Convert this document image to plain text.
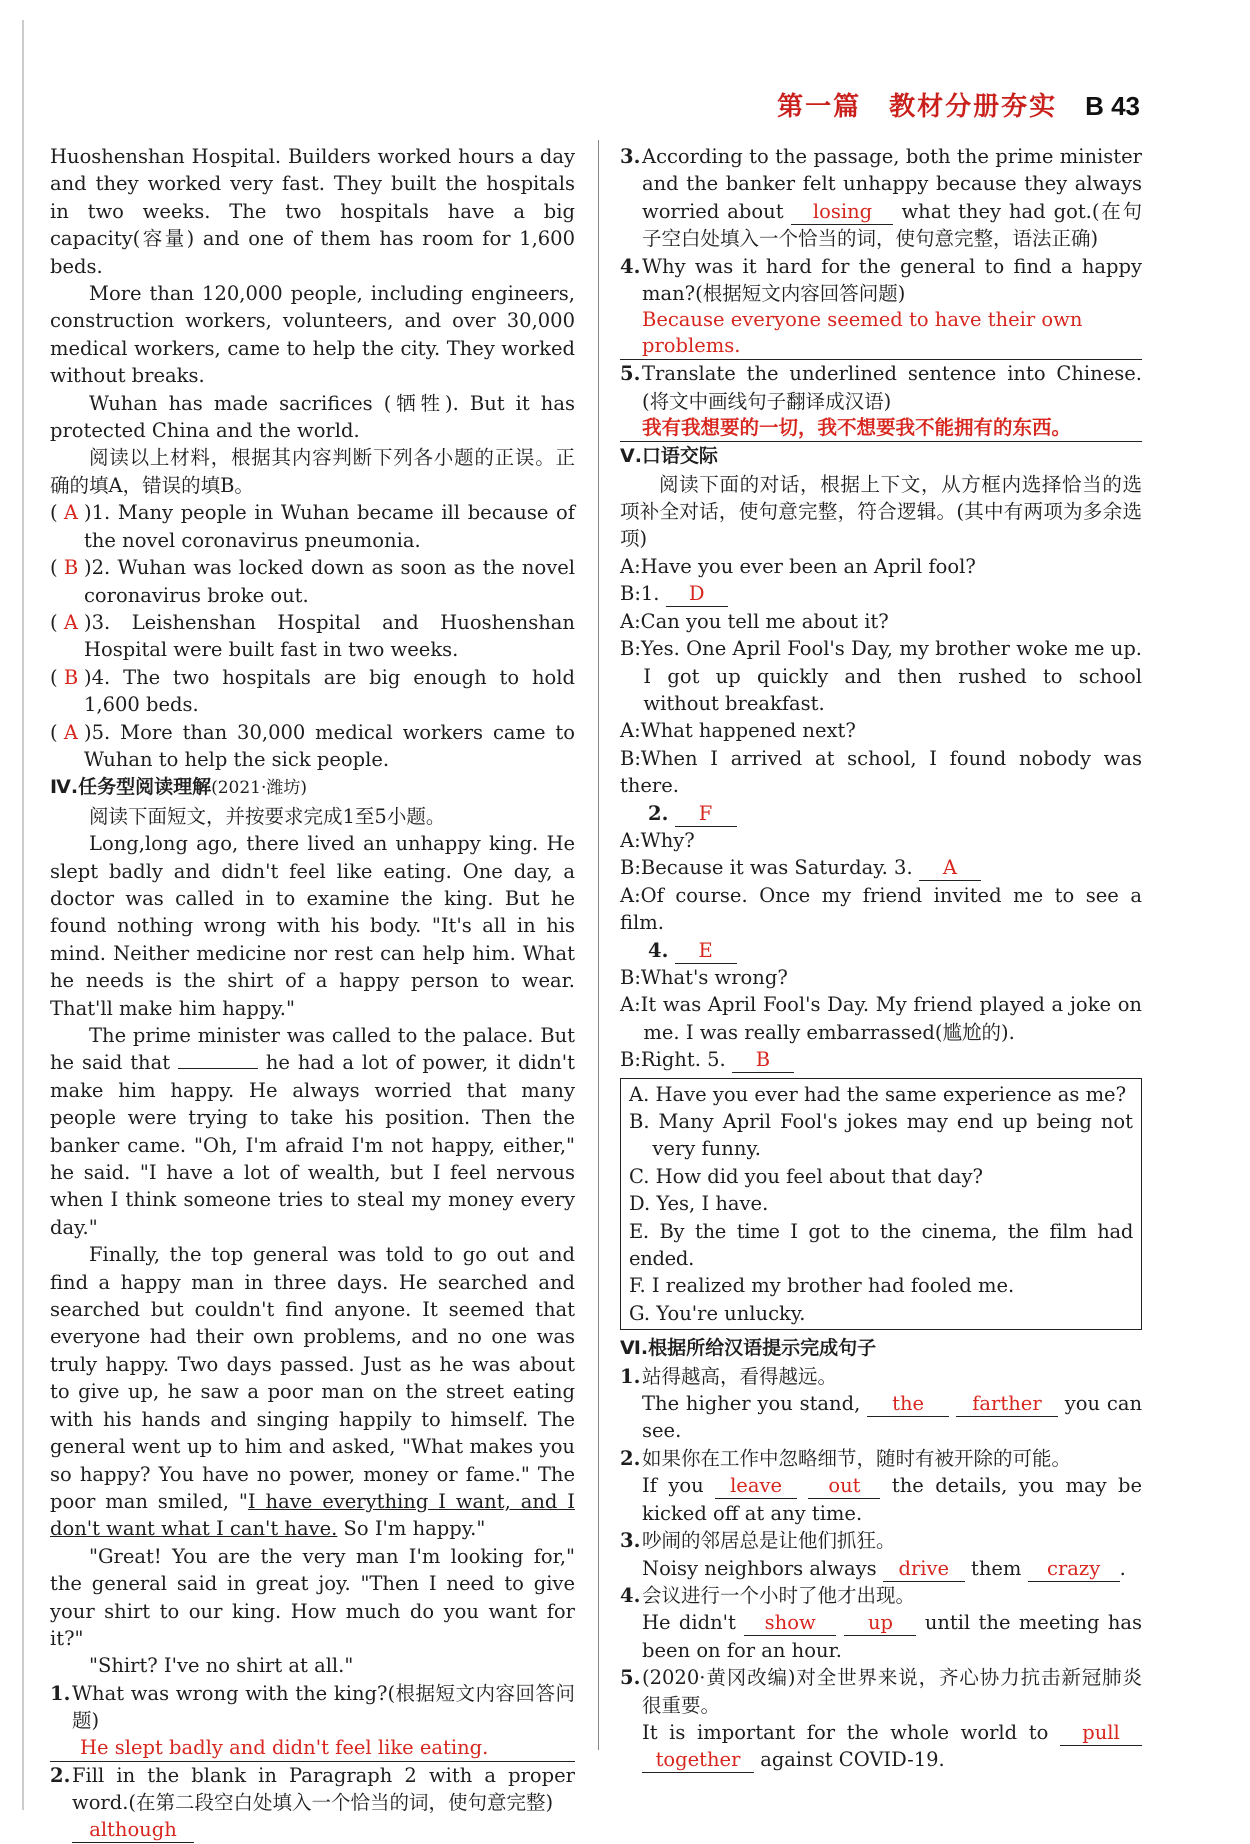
第一篇　教材分册夯实 B 43

Huoshenshan Hospital. Builders worked hours a day and they worked very fast. They built the hospitals in two weeks. The two hospitals have a big capacity(容量) and one of them has room for 1,600 beds.

More than 120,000 people, including engineers, construction workers, volunteers, and over 30,000 medical workers, came to help the city. They worked without breaks.

Wuhan has made sacrifices (牺牲). But it has protected China and the world.

阅读以上材料，根据其内容判断下列各小题的正误。正确的填A，错误的填B。

( A )1. Many people in Wuhan became ill because of the novel coronavirus pneumonia.
( B )2. Wuhan was locked down as soon as the novel coronavirus broke out.
( A )3. Leishenshan Hospital and Huoshenshan Hospital were built fast in two weeks.
( B )4. The two hospitals are big enough to hold 1,600 beds.
( A )5. More than 30,000 medical workers came to Wuhan to help the sick people.

Ⅳ.任务型阅读理解(2021·潍坊)

阅读下面短文，并按要求完成1至5小题。

Long,long ago, there lived an unhappy king. He slept badly and didn't feel like eating. One day, a doctor was called in to examine the king. But he found nothing wrong with his body. "It's all in his mind. Neither medicine nor rest can help him. What he needs is the shirt of a happy person to wear. That'll make him happy."

The prime minister was called to the palace. But he said that	he had a lot of power, it didn't make him happy. He always worried that many people were trying to take his position. Then the banker came. "Oh, I'm afraid I'm not happy, either," he said. "I have a lot of wealth, but I feel nervous when I think someone tries to steal my money every day."

Finally, the top general was told to go out and find a happy man in three days. He searched and searched but couldn't find anyone. It seemed that everyone had their own problems, and no one was truly happy. Two days passed. Just as he was about to give up, he saw a poor man on the street eating with his hands and singing happily to himself. The general went up to him and asked, "What makes you so happy? You have no power, money or fame." The poor man smiled, "I have everything I want, and I don't want what I can't have. So I'm happy."

"Great! You are the very man I'm looking for," the general said in great joy. "Then I need to give your shirt to our king. How much do you want for it?"

"Shirt? I've no shirt at all."

1. What was wrong with the king?(根据短文内容回答问题)
He slept badly and didn't feel like eating.
2. Fill in the blank in Paragraph 2 with a proper word.(在第二段空白处填入一个恰当的词，使句意完整)
although
3. According to the passage, both the prime minister and the banker felt unhappy because they always worried about losing what they had got.(在句子空白处填入一个恰当的词，使句意完整，语法正确)
4. Why was it hard for the general to find a happy man?(根据短文内容回答问题)
Because everyone seemed to have their own problems.
5. Translate the underlined sentence into Chinese.(将文中画线句子翻译成汉语)
我有我想要的一切，我不想要我不能拥有的东西。

Ⅴ.口语交际

阅读下面的对话，根据上下文，从方框内选择恰当的选项补全对话，使句意完整，符合逻辑。(其中有两项为多余选项)

A:Have you ever been an April fool?

B:1. D

A:Can you tell me about it?

B:Yes. One April Fool's Day, my brother woke me up. I got up quickly and then rushed to school without breakfast.

A:What happened next?

B:When I arrived at school, I found nobody was there.

2. F

A:Why?

B:Because it was Saturday. 3. A

A:Of course. Once my friend invited me to see a film.

4. E

B:What's wrong?

A:It was April Fool's Day. My friend played a joke on me. I was really embarrassed(尴尬的).

B:Right. 5. B

A. Have you ever had the same experience as me?

B. Many April Fool's jokes may end up being not very funny.

C. How did you feel about that day?

D. Yes, I have.

E. By the time I got to the cinema, the film had ended.

F. I realized my brother had fooled me.

G. You're unlucky.

Ⅵ.根据所给汉语提示完成句子

1. 站得越高，看得越远。

The higher you stand, the farther you can see.

2. 如果你在工作中忽略细节，随时有被开除的可能。

If you leave out the details, you may be kicked off at any time.

3. 吵闹的邻居总是让他们抓狂。

Noisy neighbors always drive them crazy .

4. 会议进行一个小时了他才出现。

He didn't show	up until the meeting has been on for an hour.

5. (2020·黄冈改编)对全世界来说，齐心协力抗击新冠肺炎很重要。

It is important for the whole world to pull together against COVID-19.
